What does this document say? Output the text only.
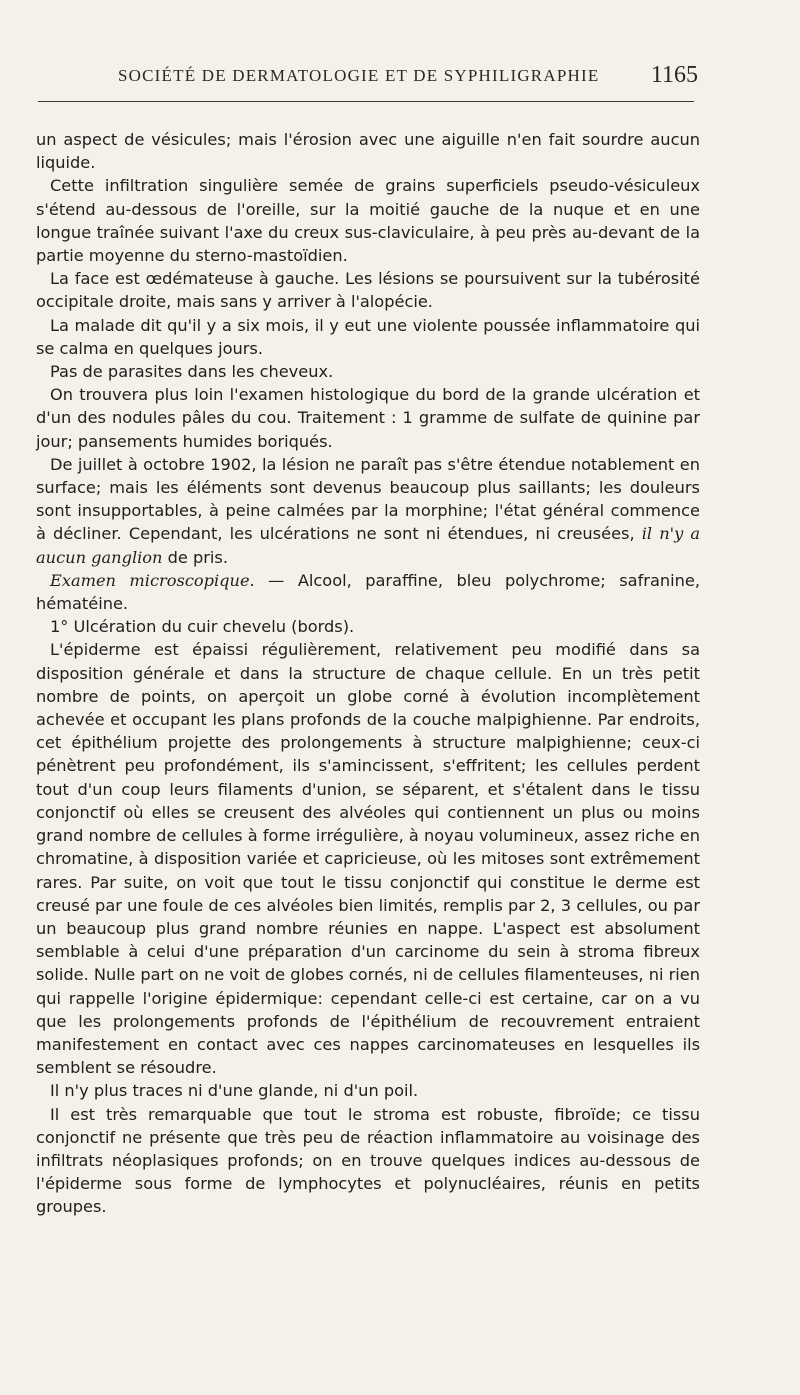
SOCIÉTÉ DE DERMATOLOGIE ET DE SYPHILIGRAPHIE 1165

un aspect de vésicules; mais l'érosion avec une aiguille n'en fait sourdre aucun liquide.

Cette infiltration singulière semée de grains superficiels pseudo-vésiculeux s'étend au-dessous de l'oreille, sur la moitié gauche de la nuque et en une longue traînée suivant l'axe du creux sus-claviculaire, à peu près au-devant de la partie moyenne du sterno-mastoïdien.

La face est œdémateuse à gauche. Les lésions se poursuivent sur la tubérosité occipitale droite, mais sans y arriver à l'alopécie.

La malade dit qu'il y a six mois, il y eut une violente poussée inflammatoire qui se calma en quelques jours.

Pas de parasites dans les cheveux.

On trouvera plus loin l'examen histologique du bord de la grande ulcération et d'un des nodules pâles du cou. Traitement : 1 gramme de sulfate de quinine par jour; pansements humides boriqués.

De juillet à octobre 1902, la lésion ne paraît pas s'être étendue notablement en surface; mais les éléments sont devenus beaucoup plus saillants; les douleurs sont insupportables, à peine calmées par la morphine; l'état général commence à décliner. Cependant, les ulcérations ne sont ni étendues, ni creusées, il n'y a aucun ganglion de pris.

Examen microscopique. — Alcool, paraffine, bleu polychrome; safranine, hématéine.

1° Ulcération du cuir chevelu (bords).

L'épiderme est épaissi régulièrement, relativement peu modifié dans sa disposition générale et dans la structure de chaque cellule. En un très petit nombre de points, on aperçoit un globe corné à évolution incomplètement achevée et occupant les plans profonds de la couche malpighienne. Par endroits, cet épithélium projette des prolongements à structure malpighienne; ceux-ci pénètrent peu profondément, ils s'amincissent, s'effritent; les cellules perdent tout d'un coup leurs filaments d'union, se séparent, et s'étalent dans le tissu conjonctif où elles se creusent des alvéoles qui contiennent un plus ou moins grand nombre de cellules à forme irrégulière, à noyau volumineux, assez riche en chromatine, à disposition variée et capricieuse, où les mitoses sont extrêmement rares. Par suite, on voit que tout le tissu conjonctif qui constitue le derme est creusé par une foule de ces alvéoles bien limités, remplis par 2, 3 cellules, ou par un beaucoup plus grand nombre réunies en nappe. L'aspect est absolument semblable à celui d'une préparation d'un carcinome du sein à stroma fibreux solide. Nulle part on ne voit de globes cornés, ni de cellules filamenteuses, ni rien qui rappelle l'origine épidermique: cependant celle-ci est certaine, car on a vu que les prolongements profonds de l'épithélium de recouvrement entraient manifestement en contact avec ces nappes carcinomateuses en lesquelles ils semblent se résoudre.

Il n'y plus traces ni d'une glande, ni d'un poil.

Il est très remarquable que tout le stroma est robuste, fibroïde; ce tissu conjonctif ne présente que très peu de réaction inflammatoire au voisinage des infiltrats néoplasiques profonds; on en trouve quelques indices au-dessous de l'épiderme sous forme de lymphocytes et polynucléaires, réunis en petits groupes.
